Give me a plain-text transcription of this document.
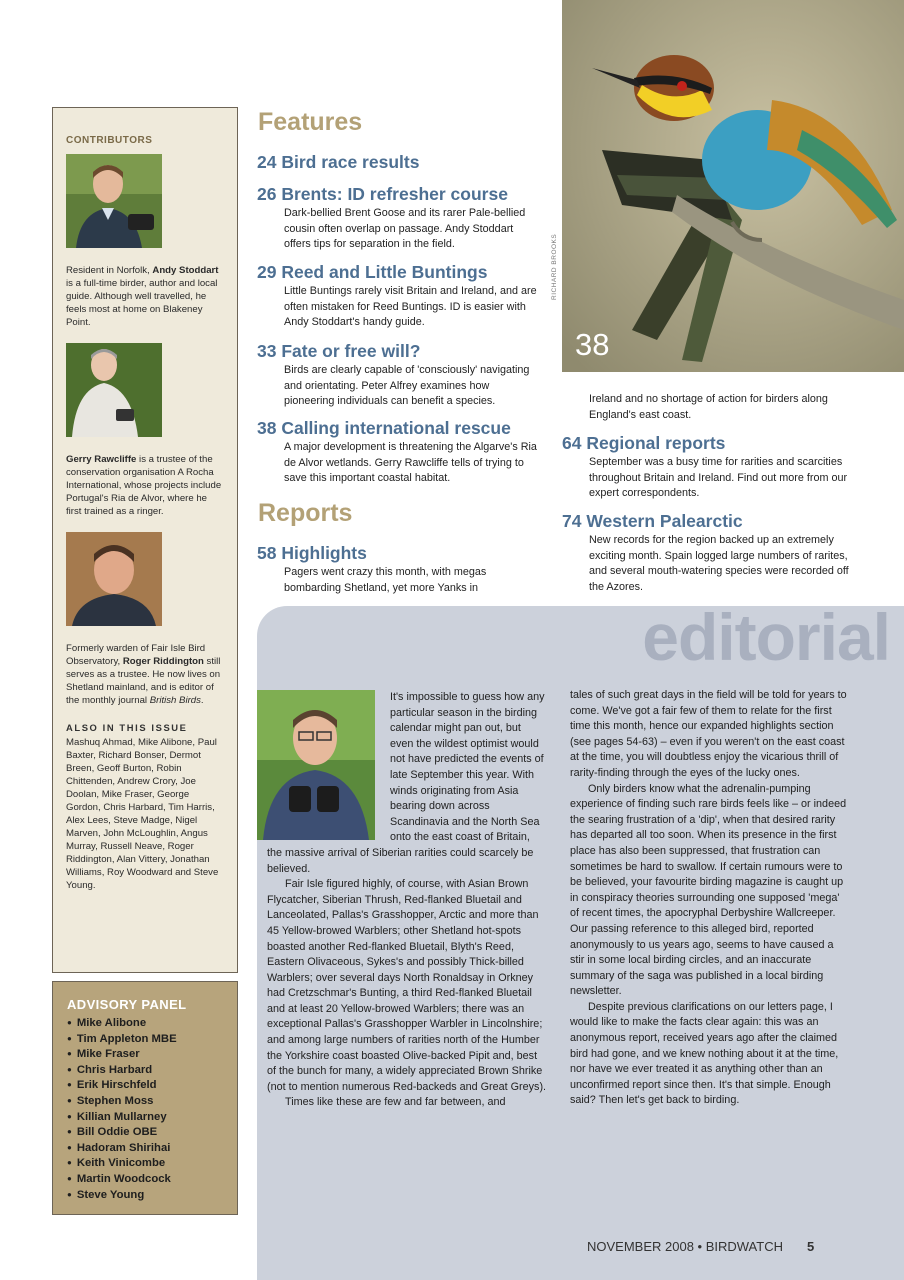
CONTRIBUTORS

Resident in Norfolk, Andy Stoddart is a full-time birder, author and local guide. Although well travelled, he feels most at home on Blakeney Point.

Gerry Rawcliffe is a trustee of the conservation organisation A Rocha International, whose projects include Portugal's Ria de Alvor, where he first trained as a ringer.

Formerly warden of Fair Isle Bird Observatory, Roger Riddington still serves as a trustee. He now lives on Shetland mainland, and is editor of the monthly journal British Birds.

ALSO IN THIS ISSUE

Mashuq Ahmad, Mike Alibone, Paul Baxter, Richard Bonser, Dermot Breen, Geoff Burton, Robin Chittenden, Andrew Crory, Joe Doolan, Mike Fraser, George Gordon, Chris Harbard, Tim Harris, Alex Lees, Steve Madge, Nigel Marven, John McLoughlin, Angus Murray, Russell Neave, Roger Riddington, Alan Vittery, Jonathan Williams, Roy Woodward and Steve Young.

ADVISORY PANEL
● Mike Alibone
● Tim Appleton MBE
● Mike Fraser
● Chris Harbard
● Erik Hirschfeld
● Stephen Moss
● Killian Mullarney
● Bill Oddie OBE
● Hadoram Shirihai
● Keith Vinicombe
● Martin Woodcock
● Steve Young
Features
24 Bird race results
26 Brents: ID refresher course
Dark-bellied Brent Goose and its rarer Pale-bellied cousin often overlap on passage. Andy Stoddart offers tips for separation in the field.
29 Reed and Little Buntings
Little Buntings rarely visit Britain and Ireland, and are often mistaken for Reed Buntings. ID is easier with Andy Stoddart's handy guide.
33 Fate or free will?
Birds are clearly capable of 'consciously' navigating and orientating. Peter Alfrey examines how pioneering individuals can benefit a species.
38 Calling international rescue
A major development is threatening the Algarve's Ria de Alvor wetlands. Gerry Rawcliffe tells of trying to save this important coastal habitat.
Reports
58 Highlights
Pagers went crazy this month, with megas bombarding Shetland, yet more Yanks in
Ireland and no shortage of action for birders along England's east coast.
64 Regional reports
September was a busy time for rarities and scarcities throughout Britain and Ireland. Find out more from our expert correspondents.
74 Western Palearctic
New records for the region backed up an extremely exciting month. Spain logged large numbers of rarites, and several mouth-watering species were recorded off the Azores.
RICHARD BROOKS
38
editorial

It's impossible to guess how any particular season in the birding calendar might pan out, but even the wildest optimist would not have predicted the events of late September this year. With winds originating from Asia bearing down across Scandinavia and the North Sea onto the east coast of Britain, the massive arrival of Siberian rarities could scarcely be believed.

Fair Isle figured highly, of course, with Asian Brown Flycatcher, Siberian Thrush, Red-flanked Bluetail and Lanceolated, Pallas's Grasshopper, Arctic and more than 45 Yellow-browed Warblers; other Shetland hot-spots boasted another Red-flanked Bluetail, Blyth's Reed, Eastern Olivaceous, Sykes's and possibly Thick-billed Warblers; over several days North Ronaldsay in Orkney had Cretzschmar's Bunting, a third Red-flanked Bluetail and at least 20 Yellow-browed Warblers; there was an exceptional Pallas's Grasshopper Warbler in Lincolnshire; and among large numbers of rarities north of the Humber the Yorkshire coast boasted Olive-backed Pipit and, best of the bunch for many, a widely appreciated Brown Shrike (not to mention numerous Red-backeds and Great Greys).

Times like these are few and far between, and

tales of such great days in the field will be told for years to come. We've got a fair few of them to relate for the first time this month, hence our expanded highlights section (see pages 54-63) – even if you weren't on the east coast at the time, you will doubtless enjoy the vicarious thrill of rarity-finding through the eyes of the lucky ones.

Only birders know what the adrenalin-pumping experience of finding such rare birds feels like – or indeed the searing frustration of a 'dip', when that desired rarity has departed all too soon. When its presence in the first place has also been suppressed, that frustration can sometimes be hard to swallow. If certain rumours were to be believed, your favourite birding magazine is caught up in conspiracy theories surrounding one supposed 'mega' of recent times, the apocryphal Derbyshire Wallcreeper. Our passing reference to this alleged bird, reported anonymously to us years ago, seems to have caused a stir in some local birding circles, and an inaccurate summary of the saga was published in a local birding newsletter.

Despite previous clarifications on our letters page, I would like to make the facts clear again: this was an anonymous report, received years ago after the claimed bird had gone, and we knew nothing about it at the time, nor have we ever treated it as anything other than an unconfirmed report since then. It's that simple. Enough said? Then let's get back to birding.

NOVEMBER 2008 • BIRDWATCH 5
